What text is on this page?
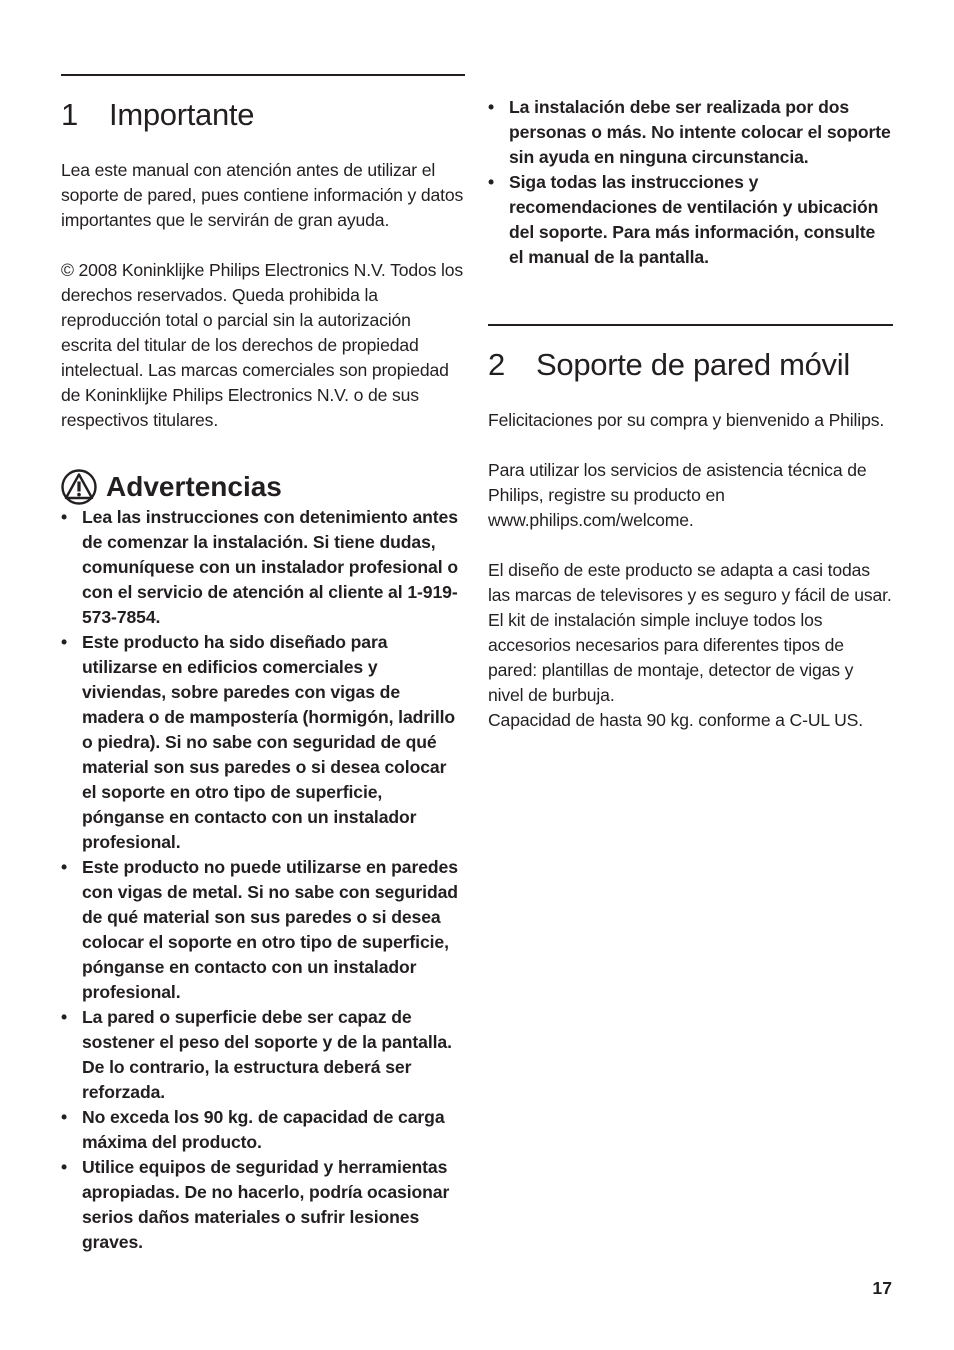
1 Importante

Lea este manual con atención antes de utilizar el soporte de pared, pues contiene información y datos importantes que le servirán de gran ayuda.

© 2008 Koninklijke Philips Electronics N.V. Todos los derechos reservados. Queda prohibida la reproducción total o parcial sin la autorización escrita del titular de los derechos de propiedad intelectual. Las marcas comerciales son propiedad de Koninklijke Philips Electronics N.V. o de sus respectivos titulares.

Advertencias
• Lea las instrucciones con detenimiento antes de comenzar la instalación. Si tiene dudas, comuníquese con un instalador profesional o con el servicio de atención al cliente al 1-919-573-7854.
• Este producto ha sido diseñado para utilizarse en edificios comerciales y viviendas, sobre paredes con vigas de madera o de mampostería (hormigón, ladrillo o piedra). Si no sabe con seguridad de qué material son sus paredes o si desea colocar el soporte en otro tipo de superficie, pónganse en contacto con un instalador profesional.
• Este producto no puede utilizarse en paredes con vigas de metal. Si no sabe con seguridad de qué material son sus paredes o si desea colocar el soporte en otro tipo de superficie, pónganse en contacto con un instalador profesional.
• La pared o superficie debe ser capaz de sostener el peso del soporte y de la pantalla. De lo contrario, la estructura deberá ser reforzada.
• No exceda los 90 kg. de capacidad de carga máxima del producto.
• Utilice equipos de seguridad y herramientas apropiadas. De no hacerlo, podría ocasionar serios daños materiales o sufrir lesiones graves.
• La instalación debe ser realizada por dos personas o más. No intente colocar el soporte sin ayuda en ninguna circunstancia.
• Siga todas las instrucciones y recomendaciones de ventilación y ubicación del soporte. Para más información, consulte el manual de la pantalla.
2 Soporte de pared móvil

Felicitaciones por su compra y bienvenido a Philips.

Para utilizar los servicios de asistencia técnica de Philips, registre su producto en www.philips.com/welcome.

El diseño de este producto se adapta a casi todas las marcas de televisores y es seguro y fácil de usar.

El kit de instalación simple incluye todos los accesorios necesarios para diferentes tipos de pared: plantillas de montaje, detector de vigas y nivel de burbuja.

Capacidad de hasta 90 kg. conforme a C-UL US.

17
